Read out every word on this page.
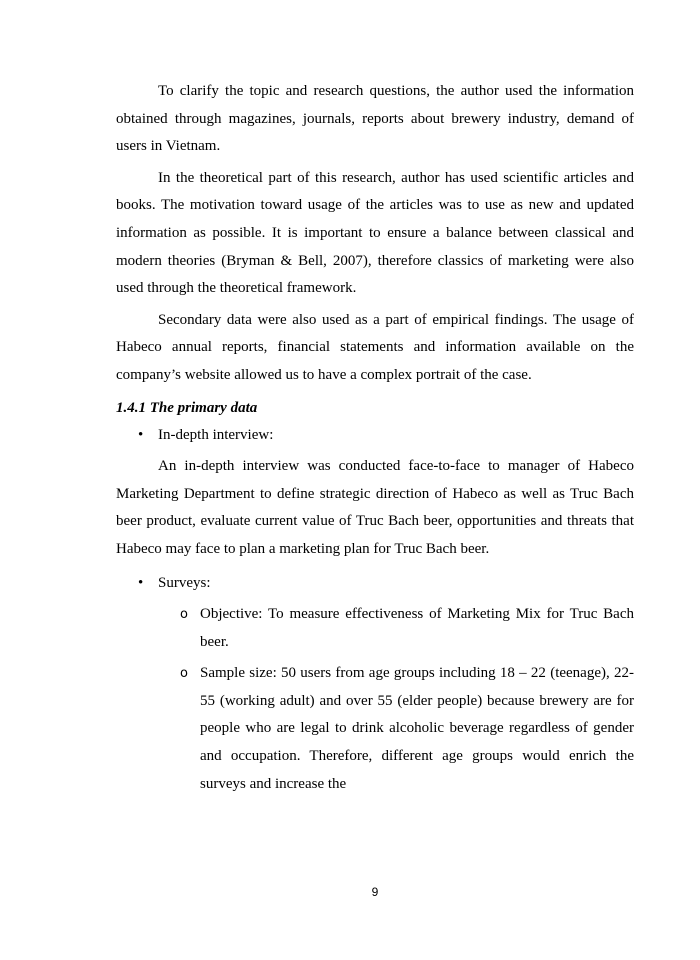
To clarify the topic and research questions, the author used the information obtained through magazines, journals, reports about brewery industry, demand of users in Vietnam.

In the theoretical part of this research, author has used scientific articles and books. The motivation toward usage of the articles was to use as new and updated information as possible. It is important to ensure a balance between classical and modern theories (Bryman & Bell, 2007), therefore classics of marketing were also used through the theoretical framework.

Secondary data were also used as a part of empirical findings. The usage of Habeco annual reports, financial statements and information available on the company’s website allowed us to have a complex portrait of the case.

1.4.1 The primary data
• In-depth interview:

An in-depth interview was conducted face-to-face to manager of Habeco Marketing Department to define strategic direction of Habeco as well as Truc Bach beer product, evaluate current value of Truc Bach beer, opportunities and threats that Habeco may face to plan a marketing plan for Truc Bach beer.

• Surveys:
o Objective: To measure effectiveness of Marketing Mix for Truc Bach beer.
o Sample size: 50 users from age groups including 18 – 22 (teenage), 22- 55 (working adult) and over 55 (elder people) because brewery are for people who are legal to drink alcoholic beverage regardless of gender and occupation. Therefore, different age groups would enrich the surveys and increase the
9
